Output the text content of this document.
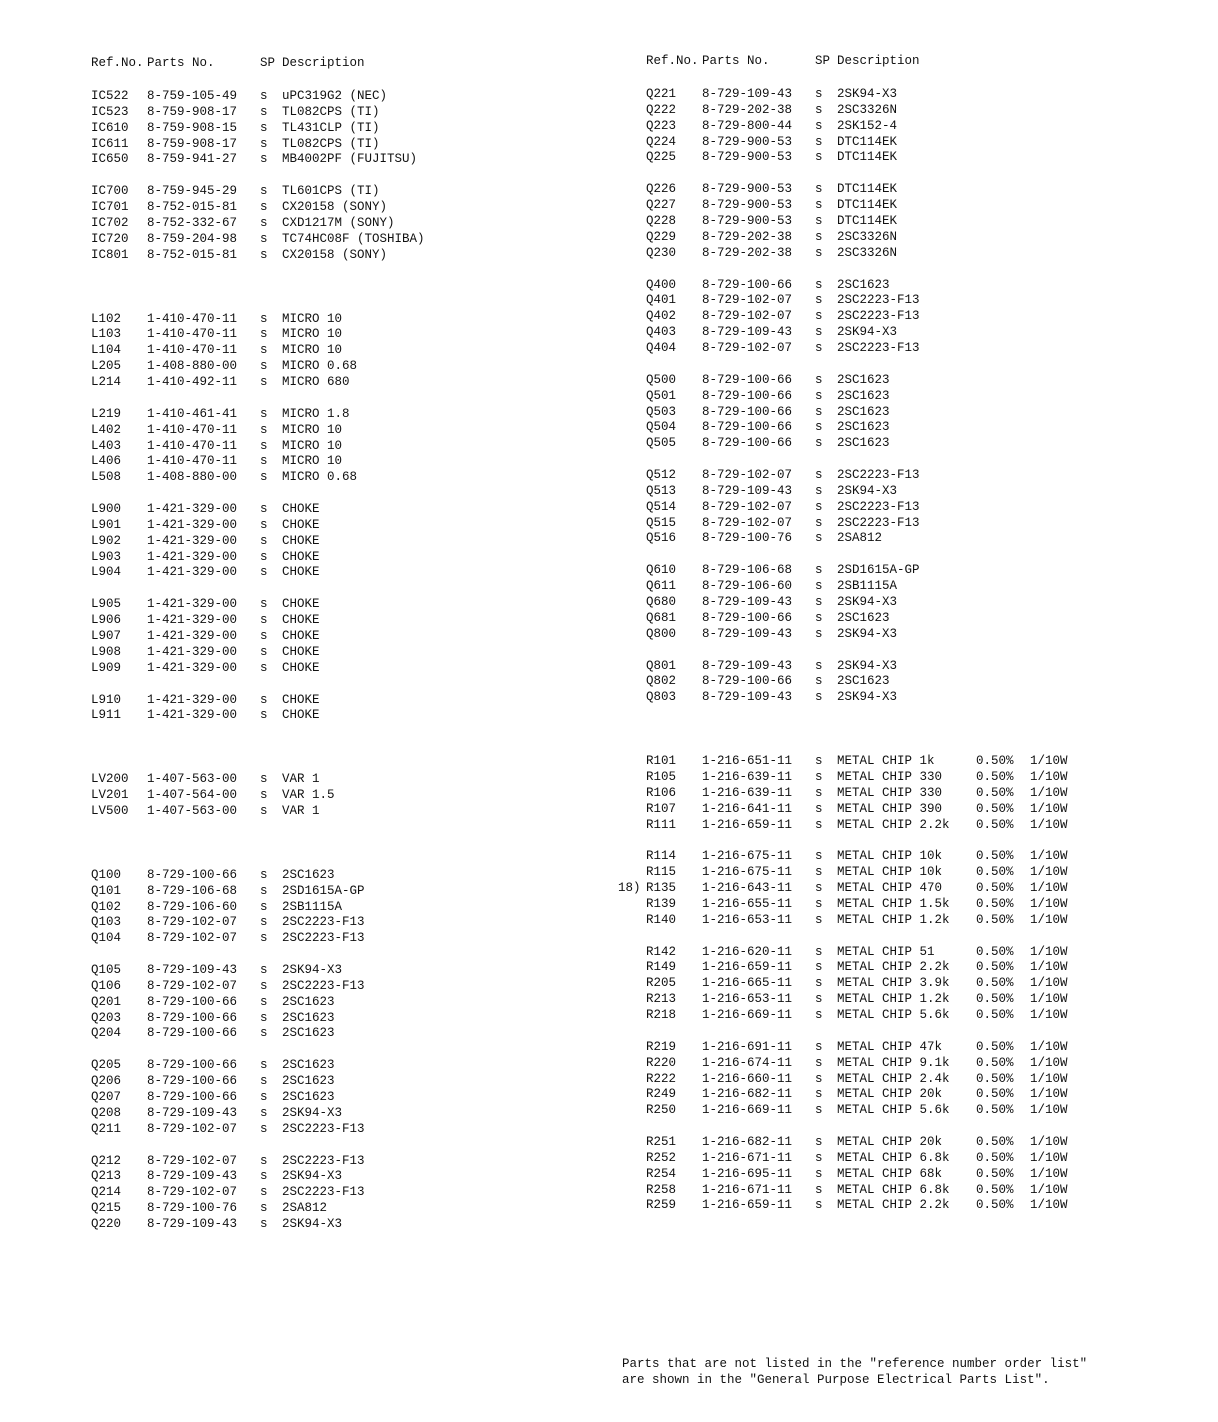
Ref.No. Parts No.	SP Description
IC522 8-759-105-49 s uPC319G2 (NEC)
IC523 8-759-908-17 s TL082CPS (TI)
IC610 8-759-908-15 s TL431CLP (TI)
IC611 8-759-908-17 s TL082CPS (TI)
IC650 8-759-941-27 s MB4002PF (FUJITSU)
IC700 8-759-945-29 s TL601CPS (TI)
IC701 8-752-015-81 s CX20158 (SONY)
IC702 8-752-332-67 s CXD1217M (SONY)
IC720 8-759-204-98 s TC74HC08F (TOSHIBA)
IC801 8-752-015-81 s CX20158 (SONY)
L102 1-410-470-11 s MICRO 10
L103 1-410-470-11 s MICRO 10
L104 1-410-470-11 s MICRO 10
L205 1-408-880-00 s MICRO 0.68
L214 1-410-492-11 s MICRO 680
L219 1-410-461-41 s MICRO 1.8
L402 1-410-470-11 s MICRO 10
L403 1-410-470-11 s MICRO 10
L406 1-410-470-11 s MICRO 10
L508 1-408-880-00 s MICRO 0.68
L900 1-421-329-00 s CHOKE
L901 1-421-329-00 s CHOKE
L902 1-421-329-00 s CHOKE
L903 1-421-329-00 s CHOKE
L904 1-421-329-00 s CHOKE
L905 1-421-329-00 s CHOKE
L906 1-421-329-00 s CHOKE
L907 1-421-329-00 s CHOKE
L908 1-421-329-00 s CHOKE
L909 1-421-329-00 s CHOKE
L910 1-421-329-00 s CHOKE
L911 1-421-329-00 s CHOKE
LV200 1-407-563-00 s VAR 1
LV201 1-407-564-00 s VAR 1.5
LV500 1-407-563-00 s VAR 1
Q100 8-729-100-66 s 2SC1623
Q101 8-729-106-68 s 2SD1615A-GP
Q102 8-729-106-60 s 2SB1115A
Q103 8-729-102-07 s 2SC2223-F13
Q104 8-729-102-07 s 2SC2223-F13
Q105 8-729-109-43 s 2SK94-X3
Q106 8-729-102-07 s 2SC2223-F13
Q201 8-729-100-66 s 2SC1623
Q203 8-729-100-66 s 2SC1623
Q204 8-729-100-66 s 2SC1623
Q205 8-729-100-66 s 2SC1623
Q206 8-729-100-66 s 2SC1623
Q207 8-729-100-66 s 2SC1623
Q208 8-729-109-43 s 2SK94-X3
Q211 8-729-102-07 s 2SC2223-F13
Q212 8-729-102-07 s 2SC2223-F13
Q213 8-729-109-43 s 2SK94-X3
Q214 8-729-102-07 s 2SC2223-F13
Q215 8-729-100-76 s 2SA812
Q220 8-729-109-43 s 2SK94-X3
Ref.No. Parts No.	SP Description
Q221 8-729-109-43 s 2SK94-X3
Q222 8-729-202-38 s 2SC3326N
Q223 8-729-800-44 s 2SK152-4
Q224 8-729-900-53 s DTC114EK
Q225 8-729-900-53 s DTC114EK
Q226 8-729-900-53 s DTC114EK
Q227 8-729-900-53 s DTC114EK
Q228 8-729-900-53 s DTC114EK
Q229 8-729-202-38 s 2SC3326N
Q230 8-729-202-38 s 2SC3326N
Q400 8-729-100-66 s 2SC1623
Q401 8-729-102-07 s 2SC2223-F13
Q402 8-729-102-07 s 2SC2223-F13
Q403 8-729-109-43 s 2SK94-X3
Q404 8-729-102-07 s 2SC2223-F13
Q500 8-729-100-66 s 2SC1623
Q501 8-729-100-66 s 2SC1623
Q503 8-729-100-66 s 2SC1623
Q504 8-729-100-66 s 2SC1623
Q505 8-729-100-66 s 2SC1623
Q512 8-729-102-07 s 2SC2223-F13
Q513 8-729-109-43 s 2SK94-X3
Q514 8-729-102-07 s 2SC2223-F13
Q515 8-729-102-07 s 2SC2223-F13
Q516 8-729-100-76 s 2SA812
Q610 8-729-106-68 s 2SD1615A-GP
Q611 8-729-106-60 s 2SB1115A
Q680 8-729-109-43 s 2SK94-X3
Q681 8-729-100-66 s 2SC1623
Q800 8-729-109-43 s 2SK94-X3
Q801 8-729-109-43 s 2SK94-X3
Q802 8-729-100-66 s 2SC1623
Q803 8-729-109-43 s 2SK94-X3
R101 1-216-651-11 s METAL CHIP 1k	0.50% 1/10W
R105 1-216-639-11 s METAL CHIP 330	0.50% 1/10W
R106 1-216-639-11 s METAL CHIP 330	0.50% 1/10W
R107 1-216-641-11 s METAL CHIP 390	0.50% 1/10W
R111 1-216-659-11 s METAL CHIP 2.2k 0.50% 1/10W
R114 1-216-675-11 s METAL CHIP 10k	0.50% 1/10W
R115 1-216-675-11 s METAL CHIP 10k	0.50% 1/10W
R135 1-216-643-11 s METAL CHIP 470	0.50% 1/10W
18)
R139 1-216-655-11 s METAL CHIP 1.5k 0.50% 1/10W
R140 1-216-653-11 s METAL CHIP 1.2k 0.50% 1/10W
R142 1-216-620-11 s METAL CHIP 51	0.50% 1/10W
R149 1-216-659-11 s METAL CHIP 2.2k 0.50% 1/10W
R205 1-216-665-11 s METAL CHIP 3.9k 0.50% 1/10W
R213 1-216-653-11 s METAL CHIP 1.2k 0.50% 1/10W
R218 1-216-669-11 s METAL CHIP 5.6k 0.50% 1/10W
R219 1-216-691-11 s METAL CHIP 47k	0.50% 1/10W
R220 1-216-674-11 s METAL CHIP 9.1k 0.50% 1/10W
R222 1-216-660-11 s METAL CHIP 2.4k 0.50% 1/10W
R249 1-216-682-11 s METAL CHIP 20k	0.50% 1/10W
R250 1-216-669-11 s METAL CHIP 5.6k 0.50% 1/10W
R251 1-216-682-11 s METAL CHIP 20k	0.50% 1/10W
R252 1-216-671-11 s METAL CHIP 6.8k 0.50% 1/10W
R254 1-216-695-11 s METAL CHIP 68k	0.50% 1/10W
R258 1-216-671-11 s METAL CHIP 6.8k 0.50% 1/10W
R259 1-216-659-11 s METAL CHIP 2.2k 0.50% 1/10W
Parts that are not listed in the "reference number order list"
are shown in the "General Purpose Electrical Parts List".
